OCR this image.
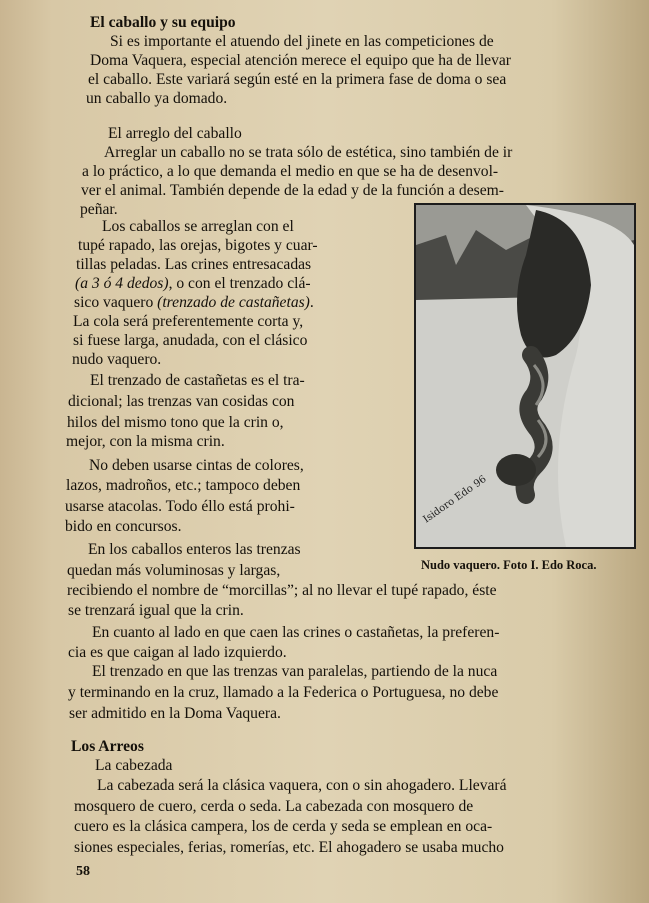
El caballo y su equipo
Si es importante el atuendo del jinete en las competiciones de
Doma Vaquera, especial atención merece el equipo que ha de llevar
el caballo. Este variará según esté en la primera fase de doma o sea
un caballo ya domado.
El arreglo del caballo
Arreglar un caballo no se trata sólo de estética, sino también de ir
a lo práctico, a lo que demanda el medio en que se ha de desenvol-
ver el animal. También depende de la edad y de la función a desem-
peñar.
Los caballos se arreglan con el
tupé rapado, las orejas, bigotes y cuar-
tillas peladas. Las crines entresacadas
(a 3 ó 4 dedos), o con el trenzado clá-
sico vaquero (trenzado de castañetas).
La cola será preferentemente corta y,
si fuese larga, anudada, con el clásico
nudo vaquero.
El trenzado de castañetas es el tra-
dicional; las trenzas van cosidas con
hilos del mismo tono que la crin o,
mejor, con la misma crin.
No deben usarse cintas de colores,
lazos, madroños, etc.; tampoco deben
usarse atacolas. Todo éllo está prohi-
bido en concursos.
En los caballos enteros las trenzas
quedan más voluminosas y largas,
recibiendo el nombre de “morcillas”; al no llevar el tupé rapado, éste
se trenzará igual que la crin.
En cuanto al lado en que caen las crines o castañetas, la preferen-
cia es que caigan al lado izquierdo.
El trenzado en que las trenzas van paralelas, partiendo de la nuca
y terminando en la cruz, llamado a la Federica o Portuguesa, no debe
ser admitido en la Doma Vaquera.
Los Arreos
La cabezada
La cabezada será la clásica vaquera, con o sin ahogadero. Llevará
mosquero de cuero, cerda o seda. La cabezada con mosquero de
cuero es la clásica campera, los de cerda y seda se emplean en oca-
siones especiales, ferias, romerías, etc. El ahogadero se usaba mucho
Isidoro Edo 96
Nudo vaquero. Foto I. Edo Roca.
58
